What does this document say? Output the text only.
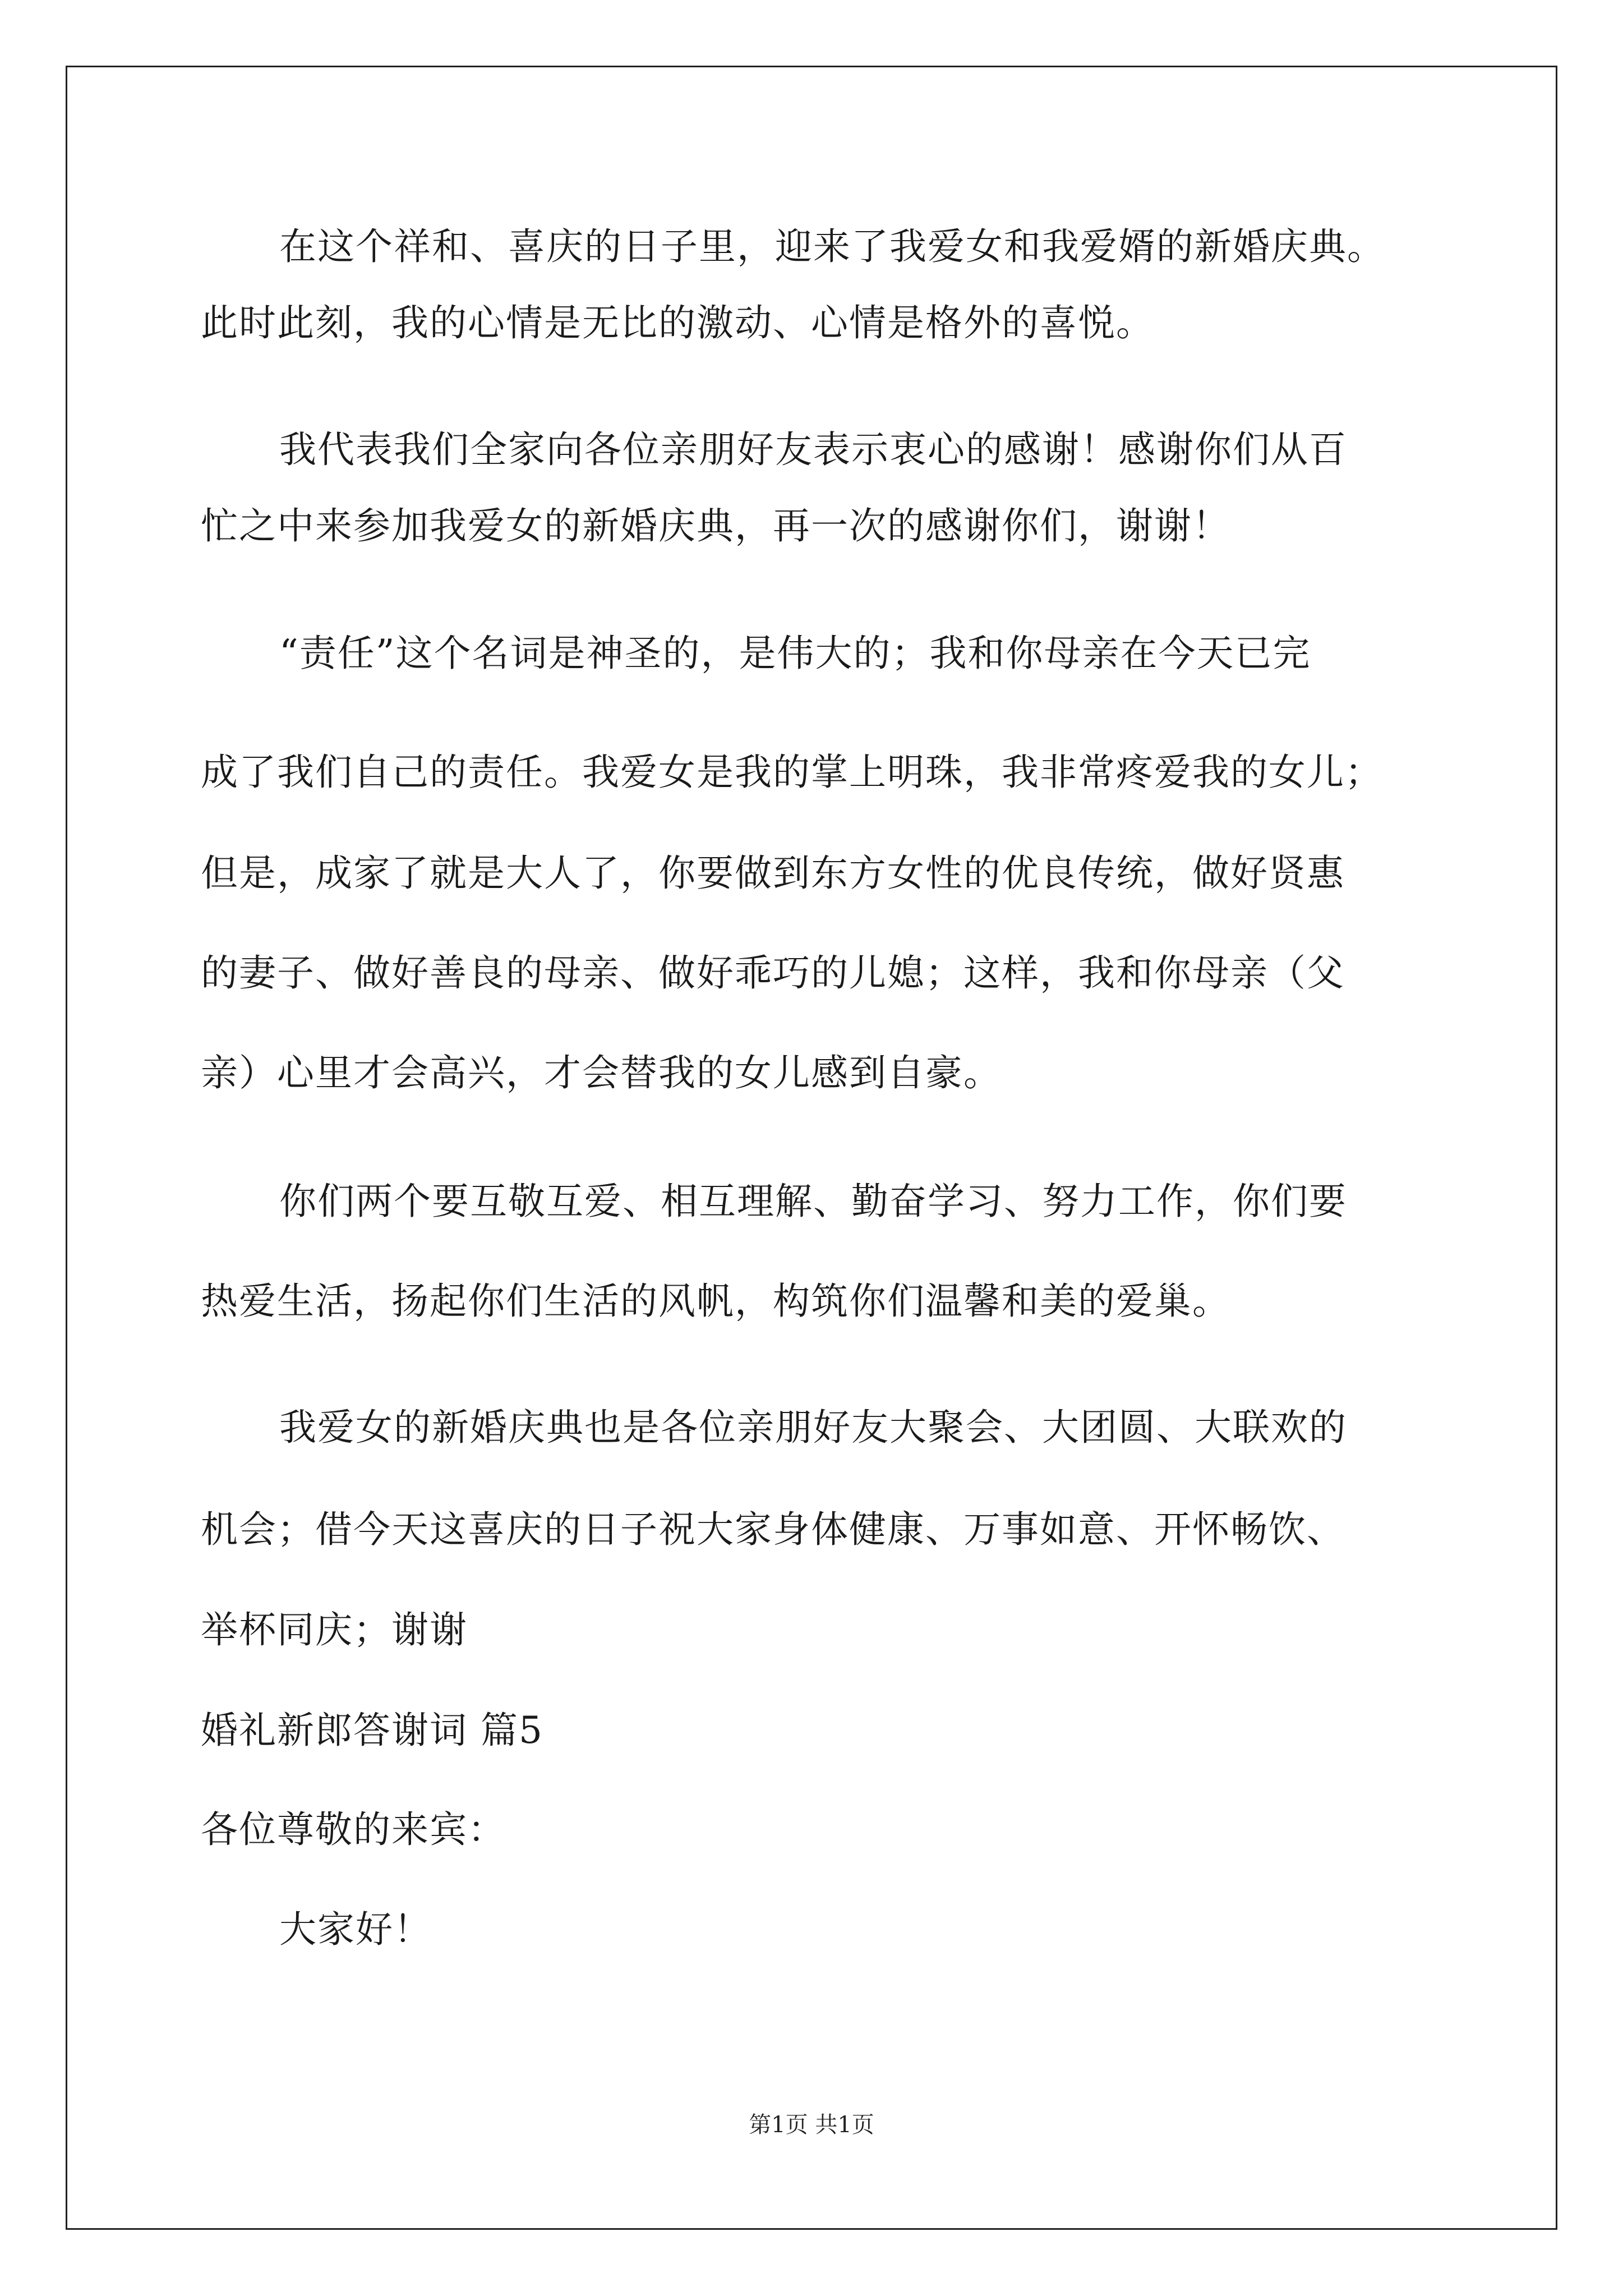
在这个祥和、喜庆的日子里，迎来了我爱女和我爱婿的新婚庆典。
此时此刻，我的心情是无比的激动、心情是格外的喜悦。
我代表我们全家向各位亲朋好友表示衷心的感谢！感谢你们从百
忙之中来参加我爱女的新婚庆典，再一次的感谢你们，谢谢！
“责任”这个名词是神圣的，是伟大的；我和你母亲在今天已完
成了我们自己的责任。我爱女是我的掌上明珠，我非常疼爱我的女儿；
但是，成家了就是大人了，你要做到东方女性的优良传统，做好贤惠
的妻子、做好善良的母亲、做好乖巧的儿媳；这样，我和你母亲（父
亲）心里才会高兴，才会替我的女儿感到自豪。
你们两个要互敬互爱、相互理解、勤奋学习、努力工作，你们要
热爱生活，扬起你们生活的风帆，构筑你们温馨和美的爱巢。
我爱女的新婚庆典也是各位亲朋好友大聚会、大团圆、大联欢的
机会；借今天这喜庆的日子祝大家身体健康、万事如意、开怀畅饮、
举杯同庆；谢谢
婚礼新郎答谢词 篇5
各位尊敬的来宾：
大家好！
第1页 共1页
